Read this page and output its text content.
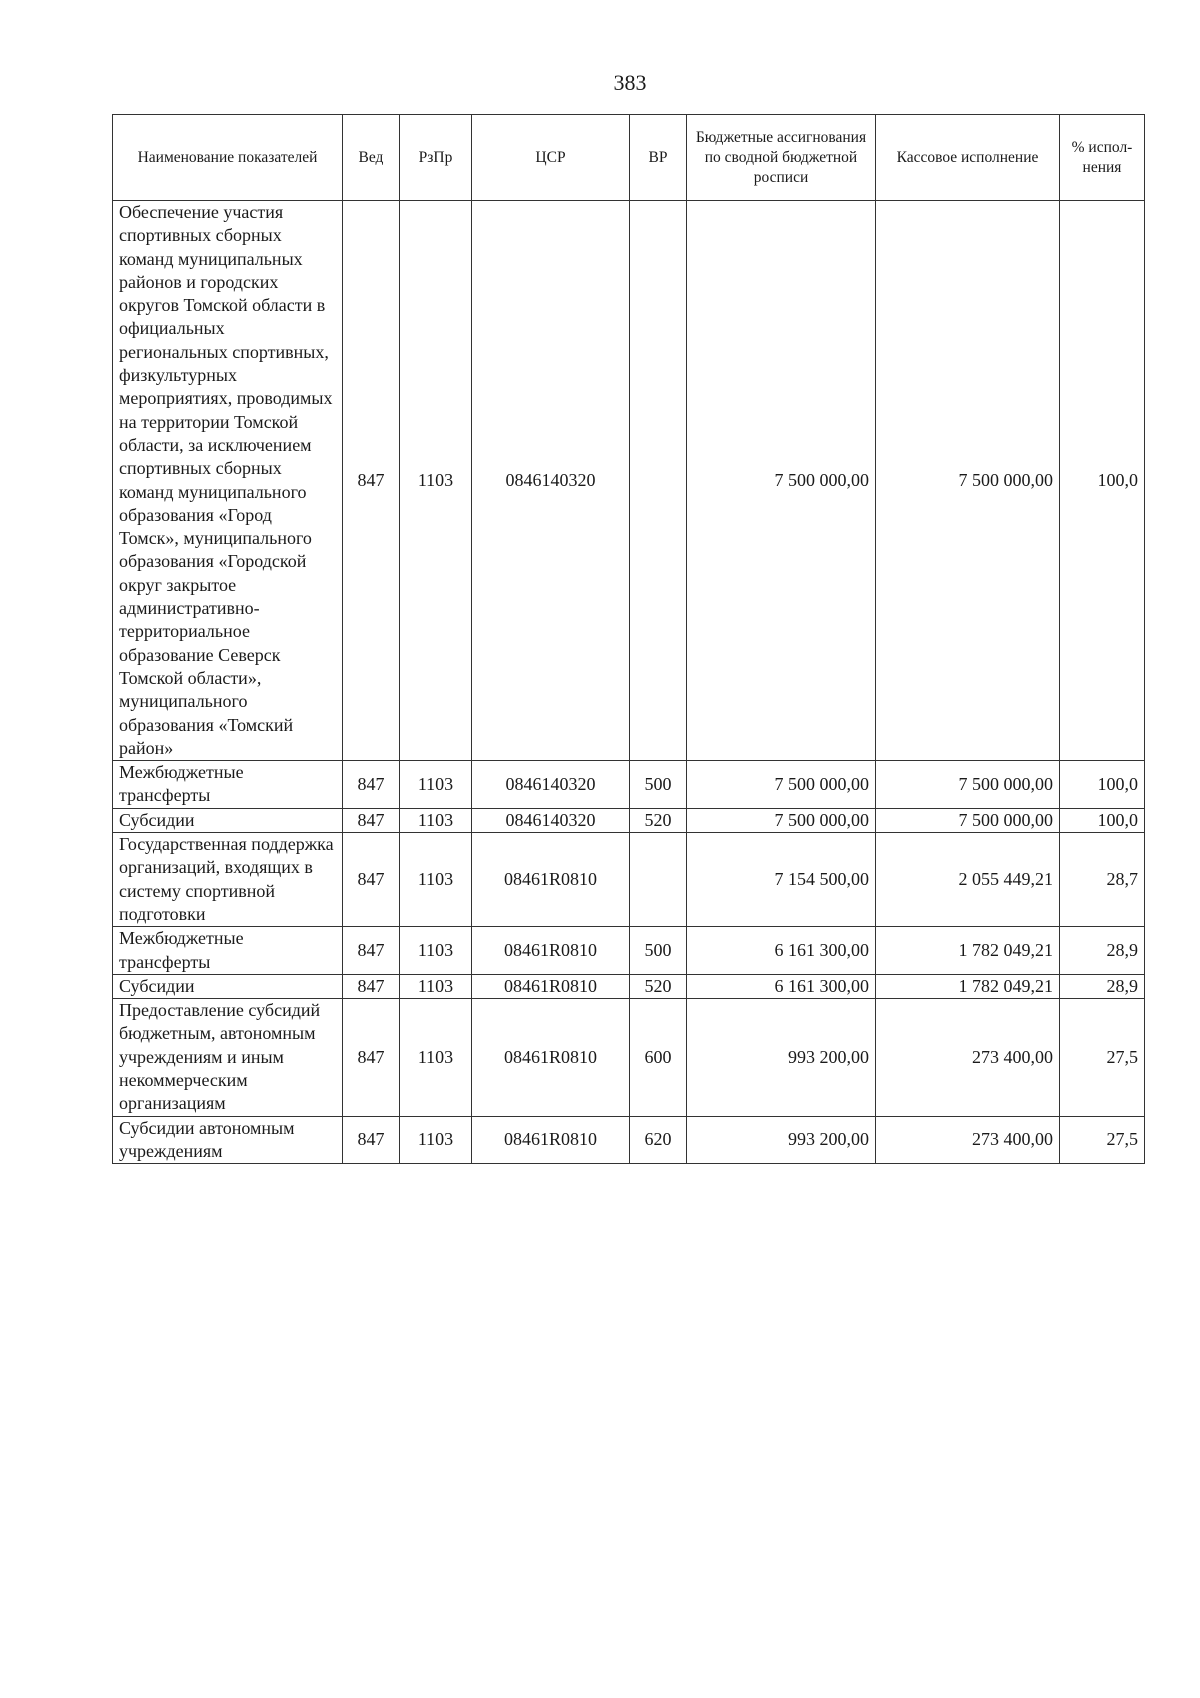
383
Наименование показателей	Вед	РзПр	ЦСР	ВР	Бюджетные ассигнования по сводной бюджетной росписи	Кассовое исполнение	% испол-нения
Обеспечение участия спортивных сборных команд муниципальных районов и городских округов Томской области в официальных региональных спортивных, физкультурных мероприятиях, проводимых на территории Томской области, за исключением спортивных сборных команд муниципального образования «Город Томск», муниципального образования «Городской округ закрытое административно-территориальное образование Северск Томской области», муниципального образования «Томский район»	847	1103	0846140320		7 500 000,00	7 500 000,00	100,0
Межбюджетные трансферты	847	1103	0846140320	500	7 500 000,00	7 500 000,00	100,0
Субсидии	847	1103	0846140320	520	7 500 000,00	7 500 000,00	100,0
Государственная поддержка организаций, входящих в систему спортивной подготовки	847	1103	08461R0810		7 154 500,00	2 055 449,21	28,7
Межбюджетные трансферты	847	1103	08461R0810	500	6 161 300,00	1 782 049,21	28,9
Субсидии	847	1103	08461R0810	520	6 161 300,00	1 782 049,21	28,9
Предоставление субсидий бюджетным, автономным учреждениям и иным некоммерческим организациям	847	1103	08461R0810	600	993 200,00	273 400,00	27,5
Субсидии автономным учреждениям	847	1103	08461R0810	620	993 200,00	273 400,00	27,5
